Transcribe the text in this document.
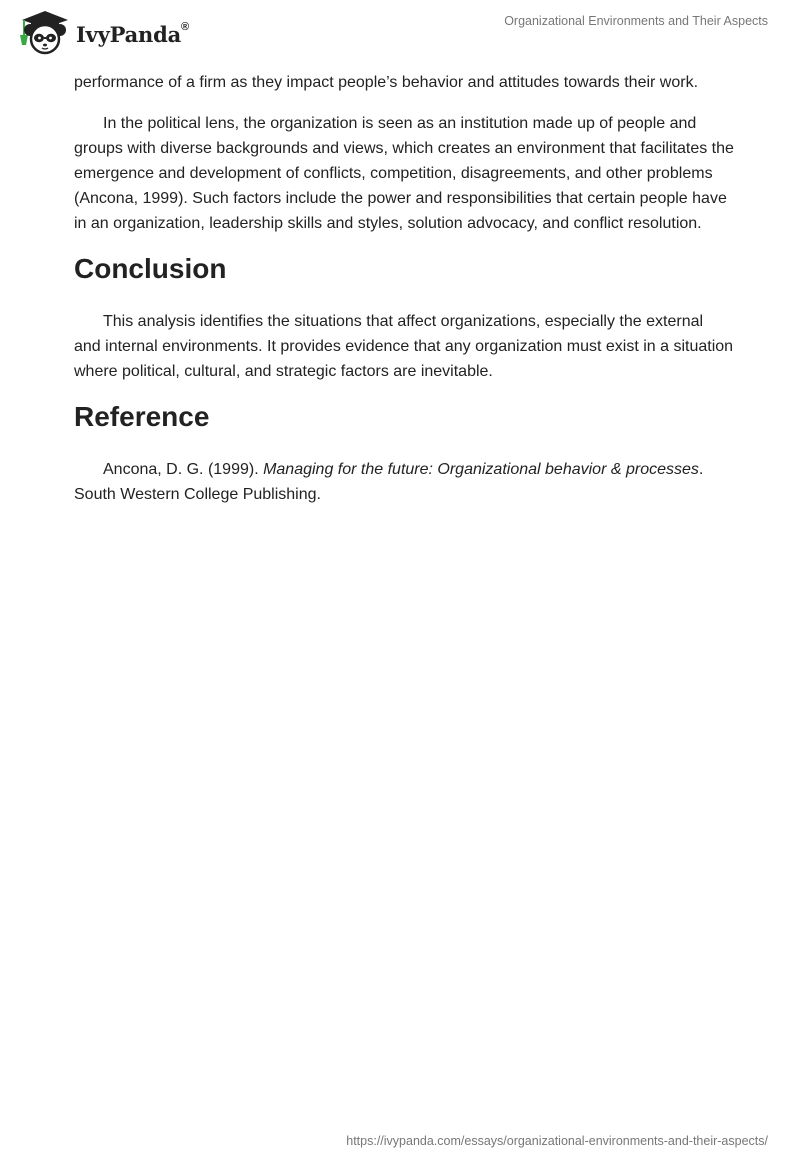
IvyPanda®	Organizational Environments and Their Aspects

performance of a firm as they impact people’s behavior and attitudes towards their work.

In the political lens, the organization is seen as an institution made up of people and groups with diverse backgrounds and views, which creates an environment that facilitates the emergence and development of conflicts, competition, disagreements, and other problems (Ancona, 1999). Such factors include the power and responsibilities that certain people have in an organization, leadership skills and styles, solution advocacy, and conflict resolution.

Conclusion

This analysis identifies the situations that affect organizations, especially the external and internal environments. It provides evidence that any organization must exist in a situation where political, cultural, and strategic factors are inevitable.

Reference

Ancona, D. G. (1999). Managing for the future: Organizational behavior & processes. South Western College Publishing.

https://ivypanda.com/essays/organizational-environments-and-their-aspects/
